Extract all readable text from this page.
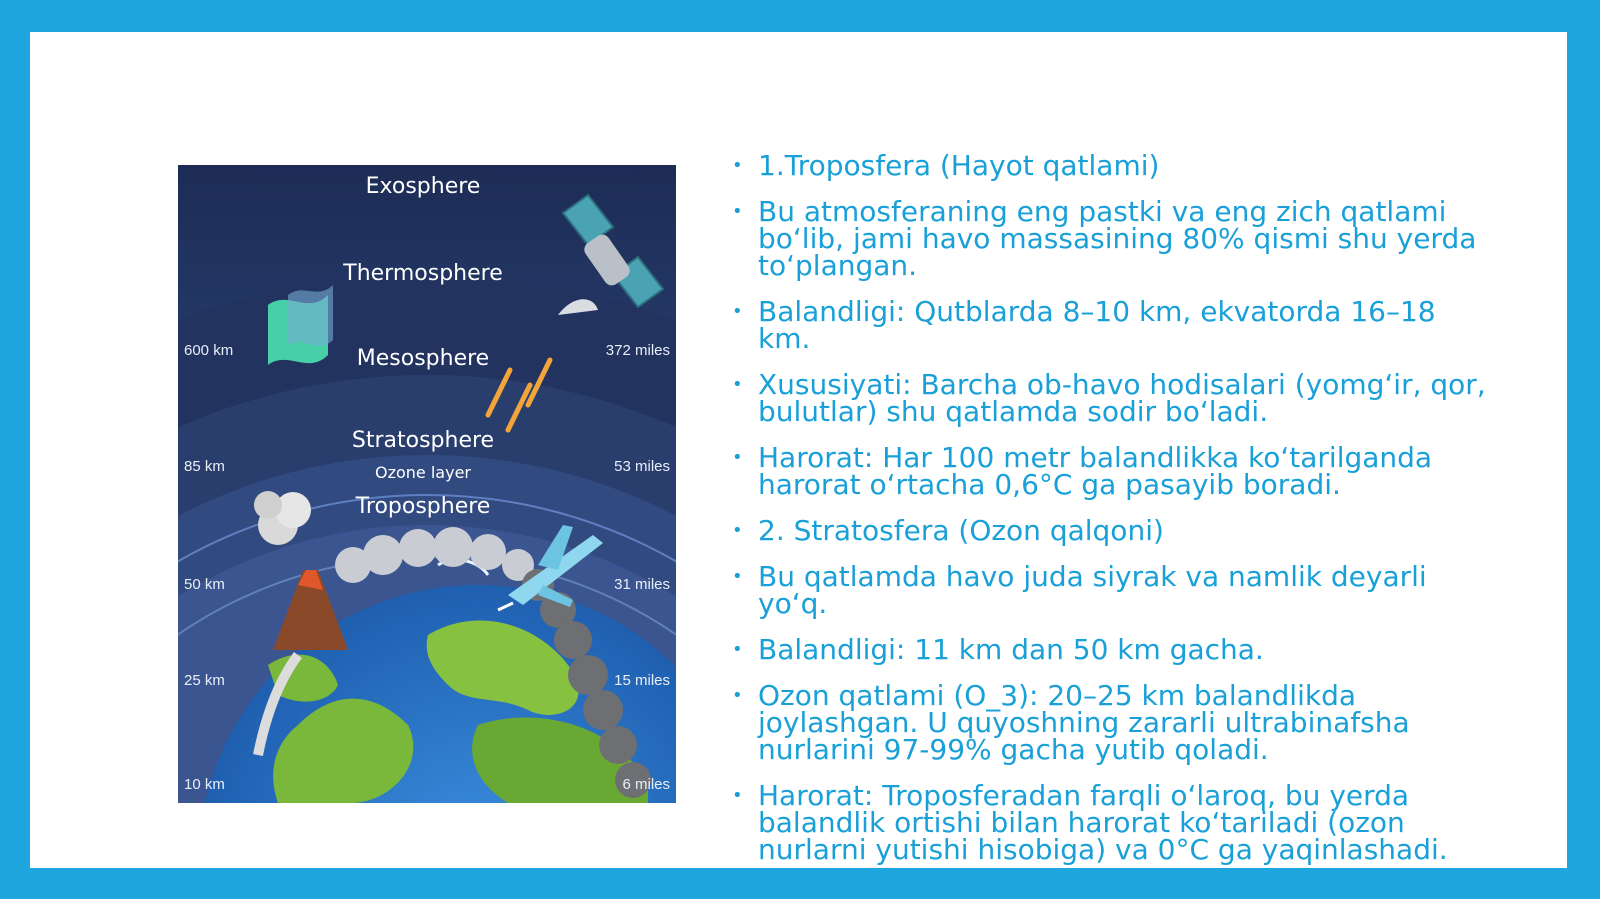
Exosphere
Thermosphere
Mesosphere
Stratosphere
Ozone layer
Troposphere
600 km
85 km
50 km
25 km
10 km
372 miles
53 miles
31 miles
15 miles
6 miles
• 1.Troposfera (Hayot qatlami)
• Bu atmosferaning eng pastki va eng zich qatlami bo‘lib, jami havo massasining 80% qismi shu yerda to‘plangan.
• Balandligi: Qutblarda 8–10 km, ekvatorda 16–18 km.
• Xususiyati: Barcha ob-havo hodisalari (yomg‘ir, qor, bulutlar) shu qatlamda sodir bo‘ladi.
• Harorat: Har 100 metr balandlikka ko‘tarilganda harorat o‘rtacha 0,6°C ga pasayib boradi.
• 2. Stratosfera (Ozon qalqoni)
• Bu qatlamda havo juda siyrak va namlik deyarli yo‘q.
• Balandligi: 11 km dan 50 km gacha.
• Ozon qatlami (O_3): 20–25 km balandlikda joylashgan. U quyoshning zararli ultrabinafsha nurlarini 97-99% gacha yutib qoladi.
• Harorat: Troposferadan farqli o‘laroq, bu yerda balandlik ortishi bilan harorat ko‘tariladi (ozon nurlarni yutishi hisobiga) va 0°C ga yaqinlashadi.
